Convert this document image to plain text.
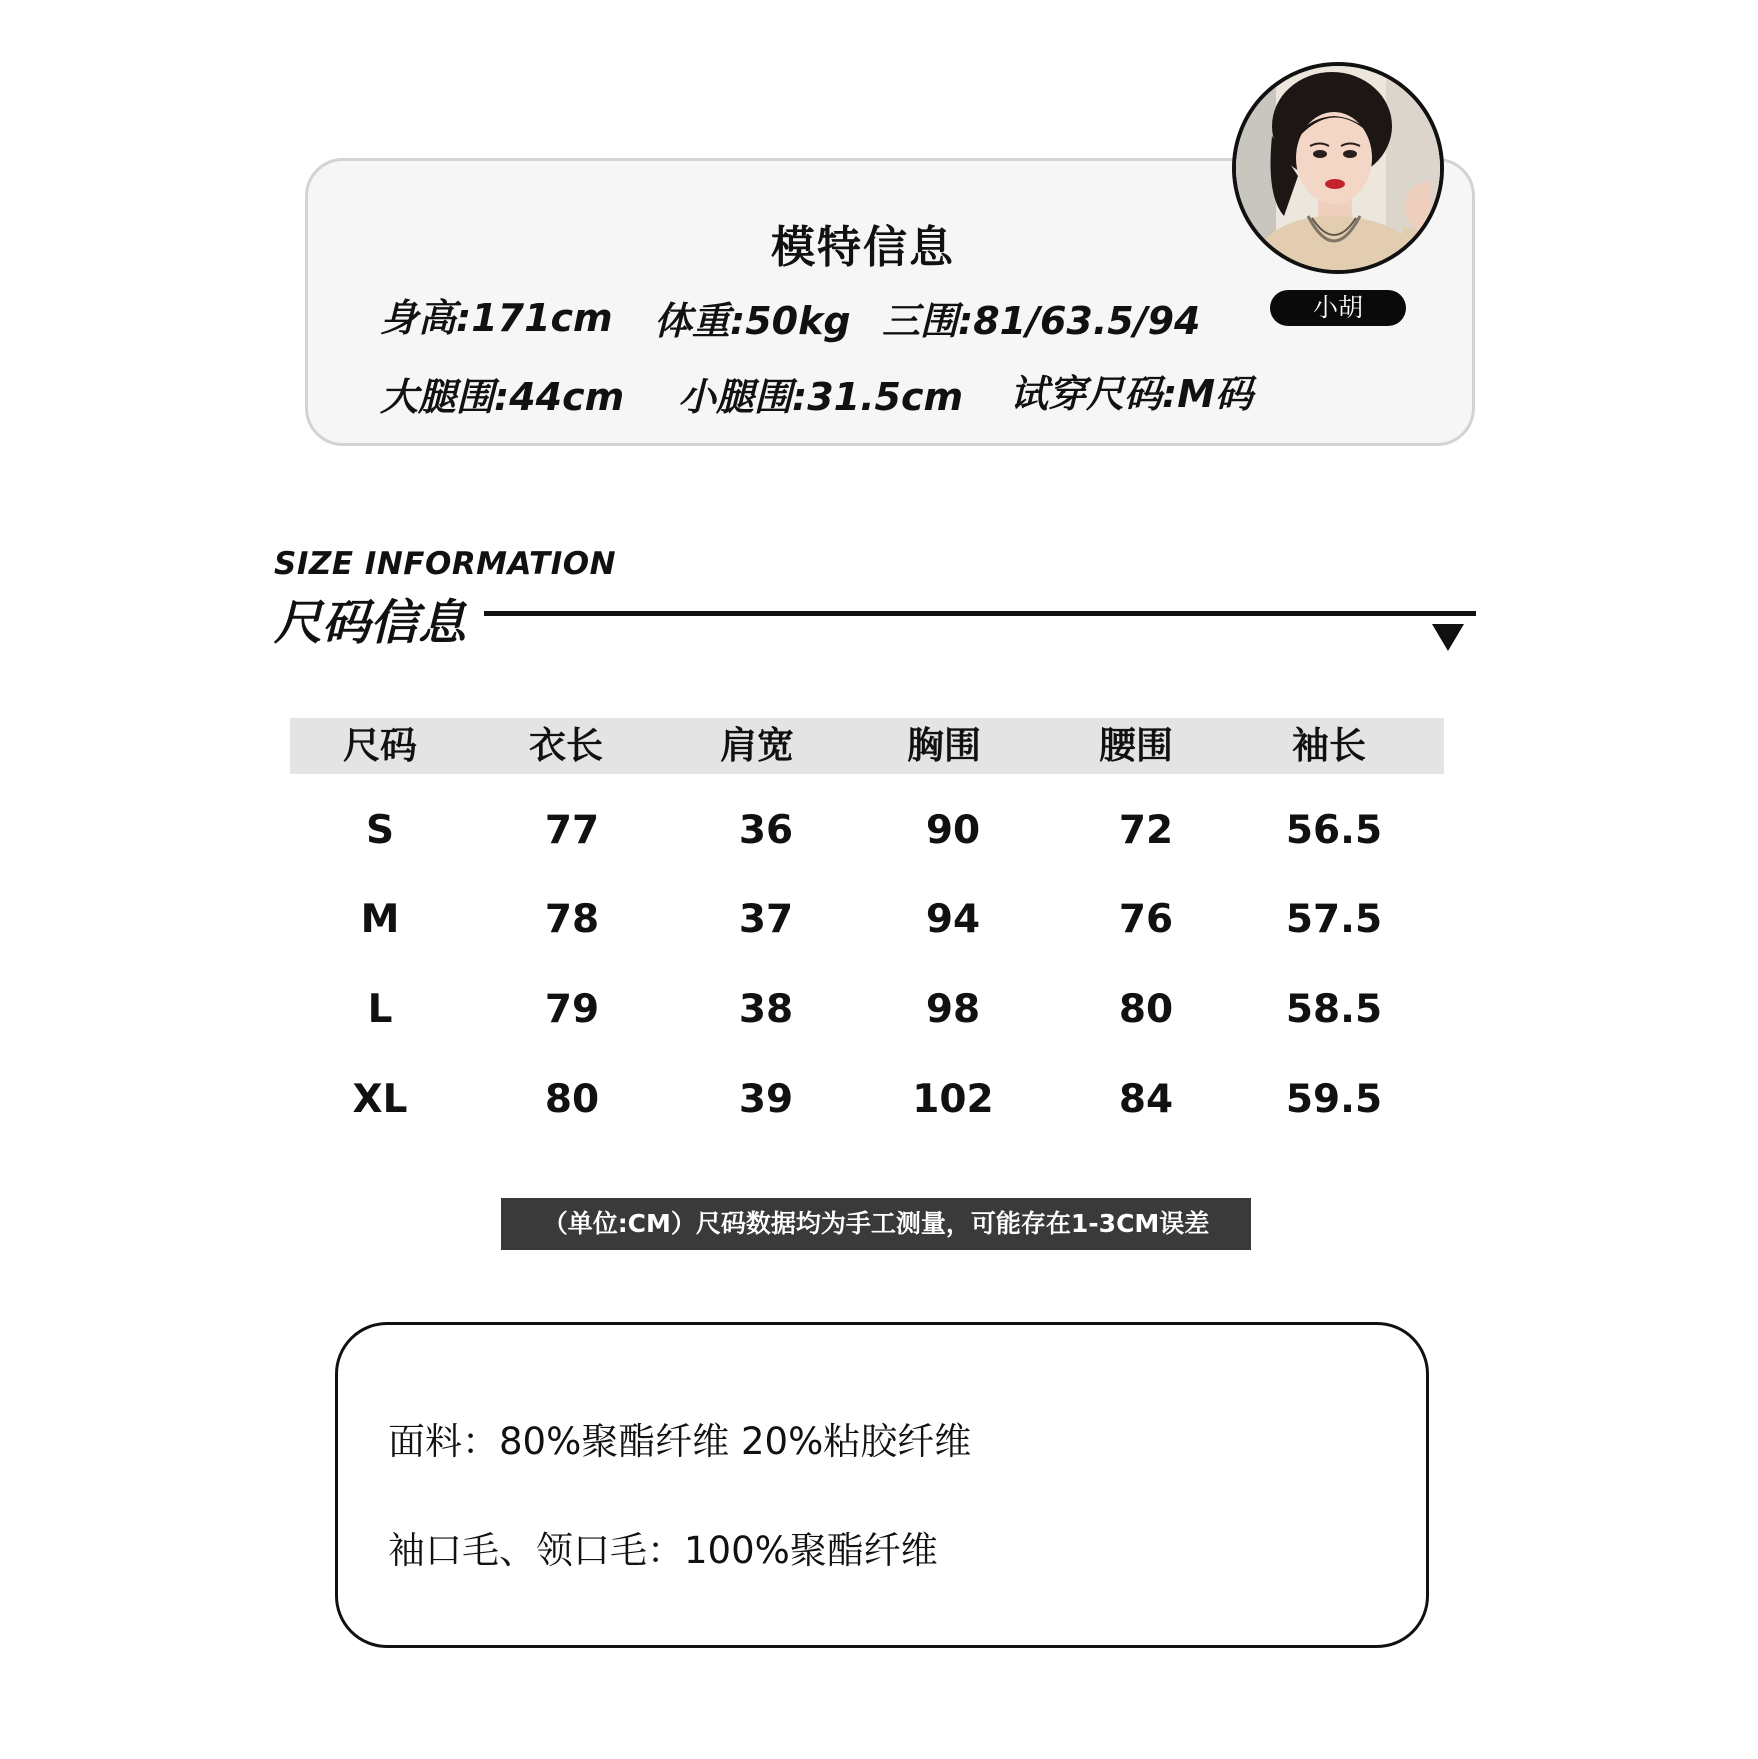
模特信息
身高:171cm 体重:50kg 三围:81/63.5/94
大腿围:44cm 小腿围:31.5cm 试穿尺码:M码
小胡
SIZE INFORMATION
尺码信息
尺码	衣长	肩宽	胸围	腰围	袖长
S	77	36	90	72	56.5
M	78	37	94	76	57.5
L	79	38	98	80	58.5
XL	80	39	102	84	59.5
（单位:CM）尺码数据均为手工测量，可能存在1-3CM误差
面料：80%聚酯纤维 20%粘胶纤维
袖口毛、领口毛：100%聚酯纤维
